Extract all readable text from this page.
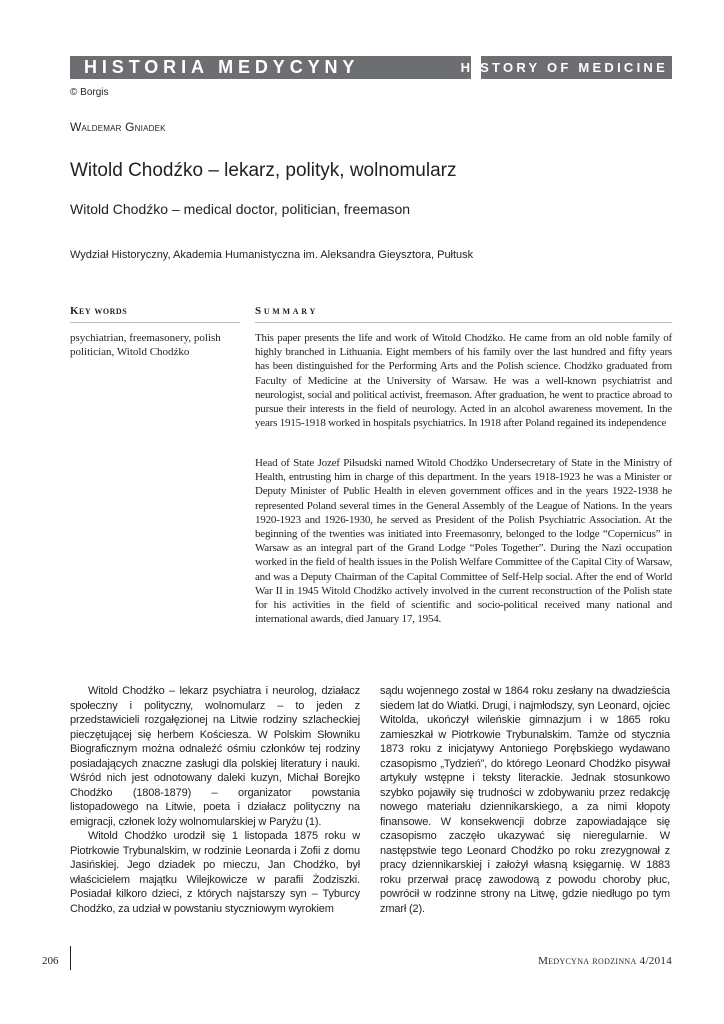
HISTORIA MEDYCYNY	HISTORY OF MEDICINE
© Borgis
Waldemar Gniadek
Witold Chodźko – lekarz, polityk, wolnomularz
Witold Chodźko – medical doctor, politician, freemason
Wydział Historyczny, Akademia Humanistyczna im. Aleksandra Gieysztora, Pułtusk
Key words	Summary
psychiatrian, freemasonery, polish politician, Witold Chodźko
This paper presents the life and work of Witold Chodźko. He came from an old noble family of highly branched in Lithuania. Eight members of his family over the last hundred and fifty years has been distinguished for the Performing Arts and the Polish science. Chodźko graduated from Faculty of Medicine at the University of Warsaw. He was a well-known psychiatrist and neurologist, social and political activist, freemason. After graduation, he went to practice abroad to pursue their interests in the field of neurology. Acted in an alcohol awareness movement. In the years 1915-1918 worked in hospitals psychiatrics. In 1918 after Poland regained its independence
Head of State Jozef Piłsudski named Witold Chodźko Undersecretary of State in the Ministry of Health, entrusting him in charge of this department. In the years 1918-1923 he was a Minister or Deputy Minister of Public Health in eleven government offices and in the years 1922-1938 he represented Poland several times in the General Assembly of the League of Nations. In the years 1920-1923 and 1926-1930, he served as President of the Polish Psychiatric Association. At the beginning of the twenties was initiated into Freemasonry, belonged to the lodge “Copernicus” in Warsaw as an integral part of the Grand Lodge “Poles Together”. During the Nazi occupation worked in the field of health issues in the Polish Welfare Committee of the Capital City of Warsaw, and was a Deputy Chairman of the Capital Committee of Self-Help social. After the end of World War II in 1945 Witold Chodźko actively involved in the current reconstruction of the Polish state for his activities in the field of scientific and socio-political received many national and international awards, died January 17, 1954.

Witold Chodźko – lekarz psychiatra i neurolog, działacz społeczny i polityczny, wolnomularz – to jeden z przedstawicieli rozgałęzionej na Litwie rodziny szlacheckiej pieczętującej się herbem Kościesza. W Polskim Słowniku Biograficznym można odnaleźć ośmiu członków tej rodziny posiadających znaczne zasługi dla polskiej literatury i nauki. Wśród nich jest odnotowany daleki kuzyn, Michał Borejko Chodźko (1808-1879) – organizator powstania listopadowego na Litwie, poeta i działacz polityczny na emigracji, członek loży wolnomularskiej w Paryżu (1).

Witold Chodźko urodził się 1 listopada 1875 roku w Piotrkowie Trybunalskim, w rodzinie Leonarda i Zofii z domu Jasińskiej. Jego dziadek po mieczu, Jan Chodźko, był właścicielem majątku Wilejkowicze w parafii Żodziszki. Posiadał kilkoro dzieci, z których najstarszy syn – Tyburcy Chodźko, za udział w powstaniu styczniowym wyrokiem

sądu wojennego został w 1864 roku zesłany na dwadzieścia siedem lat do Wiatki. Drugi, i najmłodszy, syn Leonard, ojciec Witolda, ukończył wileńskie gimnazjum i w 1865 roku zamieszkał w Piotrkowie Trybunalskim. Tamże od stycznia 1873 roku z inicjatywy Antoniego Porębskiego wydawano czasopismo „Tydzień”, do którego Leonard Chodźko pisywał artykuły wstępne i teksty literackie. Jednak stosunkowo szybko pojawiły się trudności w zdobywaniu przez redakcję nowego materiału dziennikarskiego, a za nimi kłopoty finansowe. W konsekwencji dobrze zapowiadające się czasopismo zaczęło ukazywać się nieregularnie. W następstwie tego Leonard Chodźko po roku zrezygnował z pracy dziennikarskiej i założył własną księgarnię. W 1883 roku przerwał pracę zawodową z powodu choroby płuc, powrócił w rodzinne strony na Litwę, gdzie niedługo po tym zmarł (2).

206	Medycyna rodzinna 4/2014
